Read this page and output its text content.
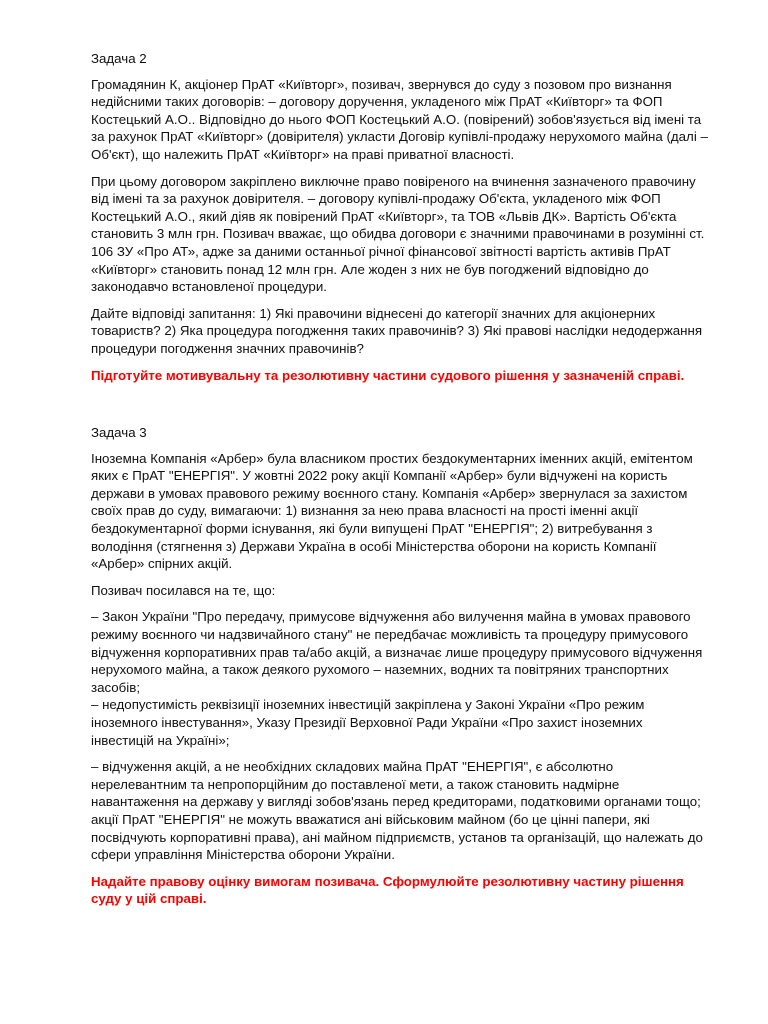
Задача 2

Громадянин К, акціонер ПрАТ «Київторг», позивач, звернувся до суду з позовом про визнання недійсними таких договорів: – договору доручення, укладеного між ПрАТ «Київторг» та ФОП Костецький А.О.. Відповідно до нього ФОП Костецький А.О. (повірений) зобов'язується від імені та за рахунок ПрАТ «Київторг» (довірителя) укласти Договір купівлі-продажу нерухомого майна (далі – Об'єкт), що належить ПрАТ «Київторг» на праві приватної власності.

При цьому договором закріплено виключне право повіреного на вчинення зазначеного правочину від імені та за рахунок довірителя. – договору купівлі-продажу Об'єкта, укладеного між ФОП Костецький А.О., який діяв як повірений ПрАТ «Київторг», та ТОВ «Львів ДК». Вартість Об'єкта становить 3 млн грн. Позивач вважає, що обидва договори є значними правочинами в розумінні ст. 106 ЗУ «Про АТ», адже за даними останньої річної фінансової звітності вартість активів ПрАТ «Київторг» становить понад 12 млн грн. Але жоден з них не був погоджений відповідно до законодавчо встановленої процедури.

Дайте відповіді запитання: 1) Які правочини віднесені до категорії значних для акціонерних товариств? 2) Яка процедура погодження таких правочинів? 3) Які правові наслідки недодержання процедури погодження значних правочинів?

Підготуйте мотивувальну та резолютивну частини судового рішення у зазначеній справі.

Задача 3

Іноземна Компанія «Арбер» була власником простих бездокументарних іменних акцій, емітентом яких є ПрАТ "ЕНЕРГІЯ". У жовтні 2022 року акції Компанії «Арбер» були відчужені на користь держави в умовах правового режиму воєнного стану. Компанія «Арбер» звернулася за захистом своїх прав до суду, вимагаючи: 1) визнання за нею права власності на прості іменні акції бездокументарної форми існування, які були випущені ПрАТ "ЕНЕРГІЯ"; 2) витребування з володіння (стягнення з) Держави Україна в особі Міністерства оборони на користь Компанії «Арбер» спірних акцій.

Позивач посилався на те, що:

– Закон України "Про передачу, примусове відчуження або вилучення майна в умовах правового режиму воєнного чи надзвичайного стану" не передбачає можливість та процедуру примусового відчуження корпоративних прав та/або акцій, а визначає лише процедуру примусового відчуження нерухомого майна, а також деякого рухомого – наземних, водних та повітряних транспортних засобів;
– недопустимість реквізиції іноземних інвестицій закріплена у Законі України «Про режим іноземного інвестування», Указу Президії Верховної Ради України «Про захист іноземних інвестицій на Україні»;

– відчуження акцій, а не необхідних складових майна ПрАТ "ЕНЕРГІЯ", є абсолютно нерелевантним та непропорційним до поставленої мети, а також становить надмірне навантаження на державу у вигляді зобов'язань перед кредиторами, податковими органами тощо; акції ПрАТ "ЕНЕРГІЯ" не можуть вважатися ані військовим майном (бо це цінні папери, які посвідчують корпоративні права), ані майном підприємств, установ та організацій, що належать до сфери управління Міністерства оборони України.

Надайте правову оцінку вимогам позивача. Сформулюйте резолютивну частину рішення суду у цій справі.
